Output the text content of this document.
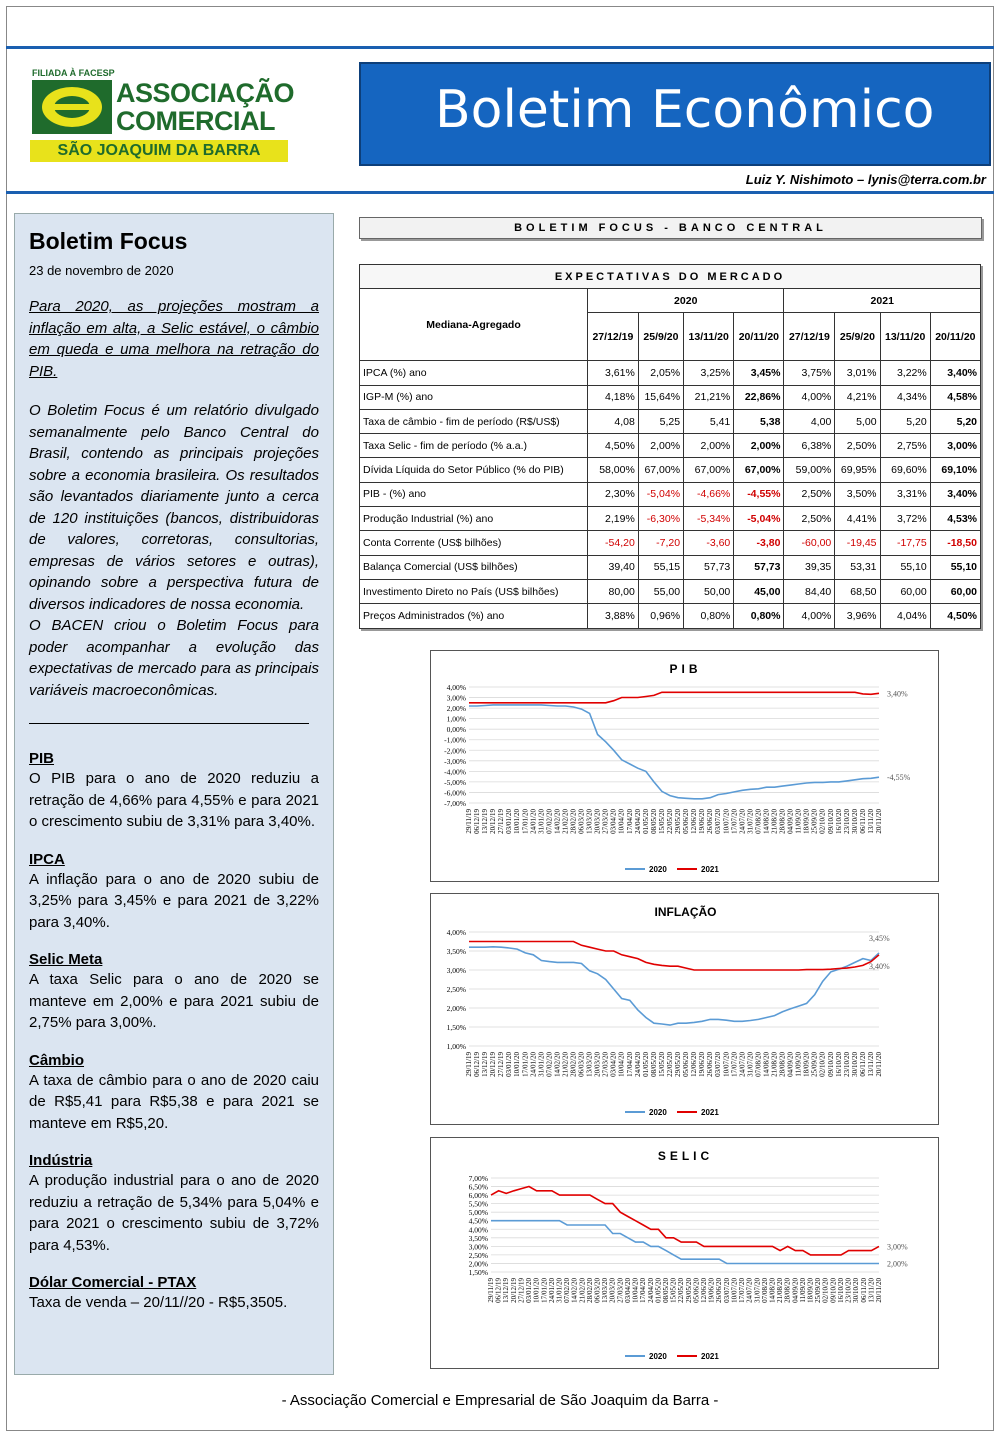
FILIADA À FACESP
ASSOCIAÇÃO
COMERCIAL
SÃO JOAQUIM DA BARRA
Boletim Econômico
Luiz Y. Nishimoto – lynis@terra.com.br
Boletim Focus
23 de novembro de 2020
Para 2020, as projeções mostram a inflação em alta, a Selic estável, o câmbio em queda e uma melhora na retração do PIB.
O Boletim Focus é um relatório divulgado semanalmente pelo Banco Central do Brasil, contendo as principais projeções sobre a economia brasileira. Os resultados são levantados diariamente junto a cerca de 120 instituições (bancos, distribuidoras de valores, corretoras, consultorias, empresas de vários setores e outras), opinando sobre a perspectiva futura de diversos indicadores de nossa economia.
O BACEN criou o Boletim Focus para poder acompanhar a evolução das expectativas de mercado para as principais variáveis macroeconômicas.
PIB
O PIB para o ano de 2020 reduziu a retração de 4,66% para 4,55% e para 2021 o crescimento subiu de 3,31% para 3,40%.
IPCA
A inflação para o ano de 2020 subiu de 3,25% para 3,45% e para 2021 de 3,22% para 3,40%.
Selic Meta
A taxa Selic para o ano de 2020 se manteve em 2,00% e para 2021 subiu de 2,75% para 3,00%.
Câmbio
A taxa de câmbio para o ano de 2020 caiu de R$5,41 para R$5,38 e para 2021 se manteve em R$5,20.
Indústria
A produção industrial para o ano de 2020 reduziu a retração de 5,34% para 5,04% e para 2021 o crescimento subiu de 3,72% para 4,53%.
Dólar Comercial - PTAX
Taxa de venda – 20/11//20 - R$5,3505.
BOLETIM FOCUS - BANCO CENTRAL
EXPECTATIVAS DO MERCADO								
Mediana-Agregado	2020				2021			
	27/12/19	25/9/20	13/11/20	20/11/20	27/12/19	25/9/20	13/11/20	20/11/20
IPCA (%) ano	3,61%	2,05%	3,25%	3,45%	3,75%	3,01%	3,22%	3,40%
IGP-M (%) ano	4,18%	15,64%	21,21%	22,86%	4,00%	4,21%	4,34%	4,58%
Taxa de câmbio - fim de período (R$/US$)	4,08	5,25	5,41	5,38	4,00	5,00	5,20	5,20
Taxa Selic - fim de período (% a.a.)	4,50%	2,00%	2,00%	2,00%	6,38%	2,50%	2,75%	3,00%
Dívida Líquida do Setor Público (% do PIB)	58,00%	67,00%	67,00%	67,00%	59,00%	69,95%	69,60%	69,10%
PIB - (%) ano	2,30%	-5,04%	-4,66%	-4,55%	2,50%	3,50%	3,31%	3,40%
Produção Industrial (%) ano	2,19%	-6,30%	-5,34%	-5,04%	2,50%	4,41%	3,72%	4,53%
Conta Corrente (US$ bilhões)	-54,20	-7,20	-3,60	-3,80	-60,00	-19,45	-17,75	-18,50
Balança Comercial (US$ bilhões)	39,40	55,15	57,73	57,73	39,35	53,31	55,10	55,10
Investimento Direto no País (US$ bilhões)	80,00	55,00	50,00	45,00	84,40	68,50	60,00	60,00
Preços Administrados (%) ano	3,88%	0,96%	0,80%	0,80%	4,00%	3,96%	4,04%	4,50%
PIB
4,00%
3,00%
2,00%
1,00%
0,00%
-1,00%
-2,00%
-3,00%
-4,00%
-5,00%
-6,00%
-7,00%
29/11/19 06/12/19 13/12/19 20/12/19 27/12/19 03/01/20 10/01/20 17/01/20 24/01/20 31/01/20 07/02/20 14/02/20 21/02/20 28/02/20 06/03/20 13/03/20 20/03/20 27/03/20 03/04/20 10/04/20 17/04/20 24/04/20 01/05/20 08/05/20 15/05/20 22/05/20 29/05/20 05/06/20 12/06/20 19/06/20 26/06/20 03/07/20 10/07/20 17/07/20 24/07/20 31/07/20 07/08/20 14/08/20 21/08/20 28/08/20 04/09/20 11/09/20 18/09/20 25/09/20 02/10/20 09/10/20 16/10/20 23/10/20 30/10/20 06/11/20 13/11/20 20/11/20
3,40%
-4,55%
2020	2021
INFLAÇÃO
4,00%
3,50%
3,00%
2,50%
2,00%
1,50%
1,00%
29/11/19 06/12/19 13/12/19 20/12/19 27/12/19 03/01/20 10/01/20 17/01/20 24/01/20 31/01/20 07/02/20 14/02/20 21/02/20 28/02/20 06/03/20 13/03/20 20/03/20 27/03/20 03/04/20 10/04/20 17/04/20 24/04/20 01/05/20 08/05/20 15/05/20 22/05/20 29/05/20 05/06/20 12/06/20 19/06/20 26/06/20 03/07/20 10/07/20 17/07/20 24/07/20 31/07/20 07/08/20 14/08/20 21/08/20 28/08/20 04/09/20 11/09/20 18/09/20 25/09/20 02/10/20 09/10/20 16/10/20 23/10/20 30/10/20 06/11/20 13/11/20 20/11/20
3,45%
3,40%
2020	2021
SELIC
7,00%
6,50%
6,00%
5,50%
5,00%
4,50%
4,00%
3,50%
3,00%
2,50%
2,00%
1,50%
29/11/19 06/12/19 13/12/19 20/12/19 27/12/19 03/01/20 10/01/20 17/01/20 24/01/20 31/01/20 07/02/20 14/02/20 21/02/20 28/02/20 06/03/20 13/03/20 20/03/20 27/03/20 03/04/20 10/04/20 17/04/20 24/04/20 01/05/20 08/05/20 15/05/20 22/05/20 29/05/20 05/06/20 12/06/20 19/06/20 26/06/20 03/07/20 10/07/20 17/07/20 24/07/20 31/07/20 07/08/20 14/08/20 21/08/20 28/08/20 04/09/20 11/09/20 18/09/20 25/09/20 02/10/20 09/10/20 16/10/20 23/10/20 30/10/20 06/11/20 13/11/20 20/11/20
3,00%
2,00%
2020	2021
- Associação Comercial e Empresarial de São Joaquim da Barra -
